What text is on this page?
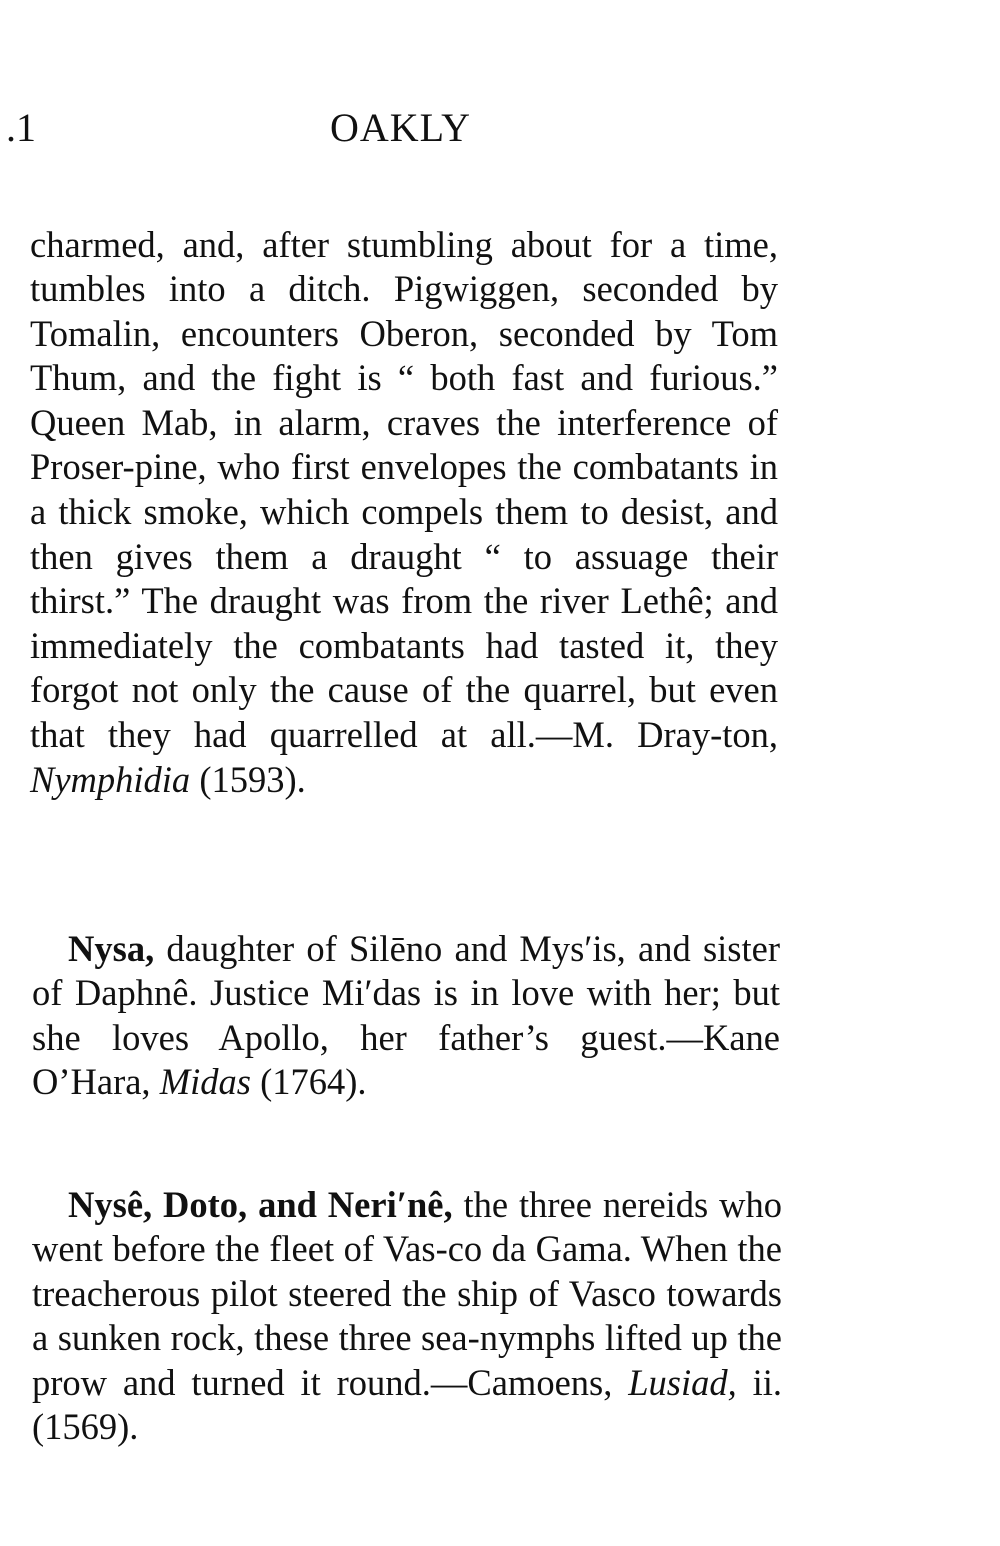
.1	OAKLY

charmed, and, after stumbling about for a time, tumbles into a ditch. Pigwiggen, seconded by Tomalin, encounters Oberon, seconded by Tom Thum, and the fight is “ both fast and furious.” Queen Mab, in alarm, craves the interference of Proser-pine, who first envelopes the combatants in a thick smoke, which compels them to desist, and then gives them a draught “ to assuage their thirst.” The draught was from the river Lethê; and immediately the combatants had tasted it, they forgot not only the cause of the quarrel, but even that they had quarrelled at all.—M. Dray-ton, Nymphidia (1593).

Nysa, daughter of Silēno and Mys′is, and sister of Daphnê. Justice Mi′das is in love with her; but she loves Apollo, her father’s guest.—Kane O’Hara, Midas (1764).

Nysê, Doto, and Neri′nê, the three nereids who went before the fleet of Vas-co da Gama. When the treacherous pilot steered the ship of Vasco towards a sunken rock, these three sea-nymphs lifted up the prow and turned it round.—Camoens, Lusiad, ii. (1569).
